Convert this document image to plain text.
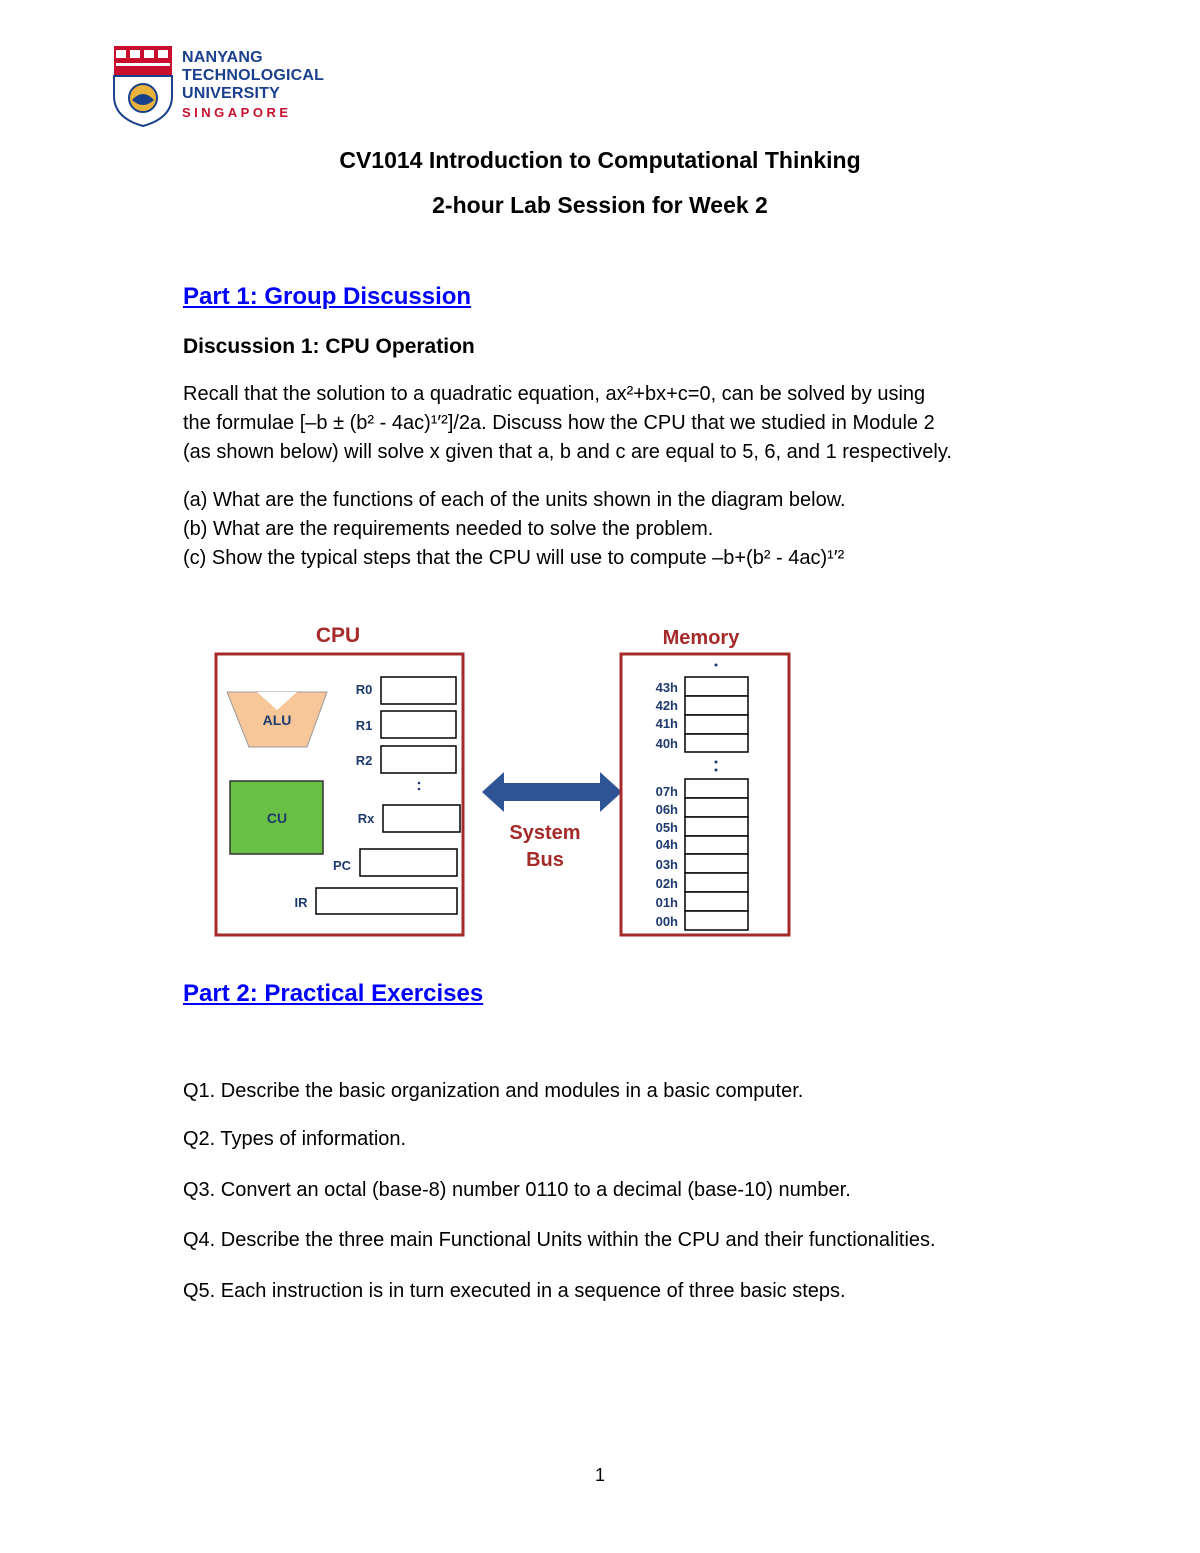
NANYANG
TECHNOLOGICAL
UNIVERSITY
SINGAPORE
CV1014 Introduction to Computational Thinking
2-hour Lab Session for Week 2
Part 1: Group Discussion
Discussion 1: CPU Operation

Recall that the solution to a quadratic equation, ax²+bx+c=0, can be solved by using

the formulae [–b ± (b² - 4ac)¹′²]/2a. Discuss how the CPU that we studied in Module 2

(as shown below) will solve x given that a, b and c are equal to 5, 6, and 1 respectively.

(a) What are the functions of each of the units shown in the diagram below.

(b) What are the requirements needed to solve the problem.

(c) Show the typical steps that the CPU will use to compute –b+(b² - 4ac)¹′²

CPU
ALU
CU
R0
R1
R2
Rx
PC
IR
System
Bus
Memory
43h
42h
41h
40h
07h
06h
05h
04h
03h
02h
01h
00h
Part 2: Practical Exercises
Q1. Describe the basic organization and modules in a basic computer.
Q2. Types of information.
Q3. Convert an octal (base-8) number 0110 to a decimal (base-10) number.
Q4. Describe the three main Functional Units within the CPU and their functionalities.
Q5. Each instruction is in turn executed in a sequence of three basic steps.
1
